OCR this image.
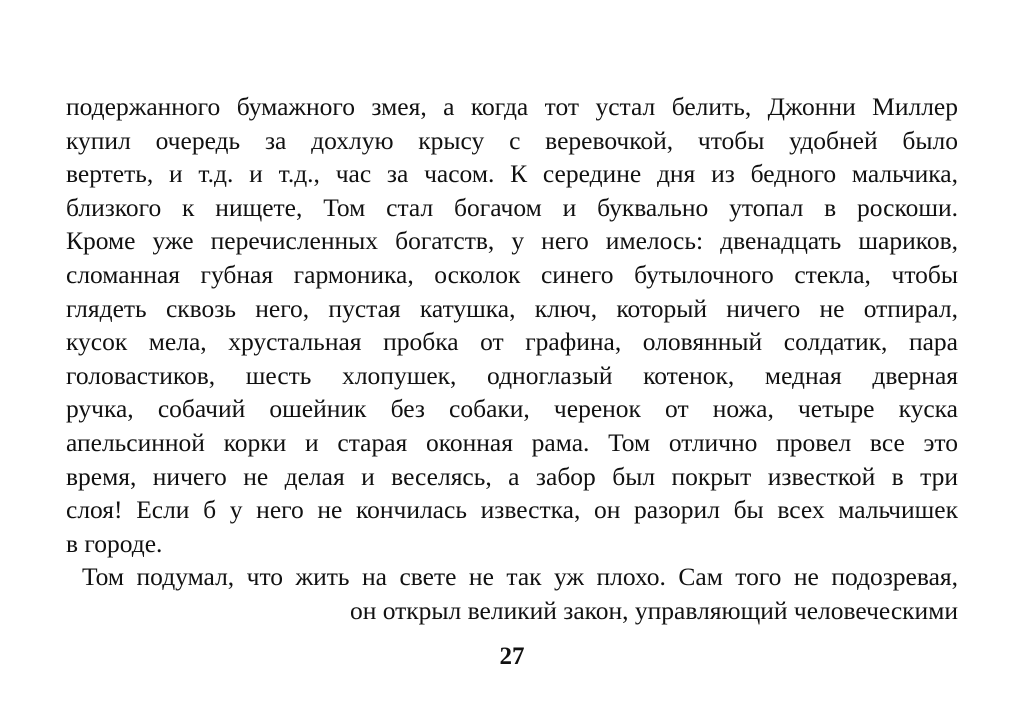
подержанного бумажного змея, а когда тот устал белить, Джонни Миллер
купил очередь за дохлую крысу с веревочкой, чтобы удобней было
вертеть, и т.д. и т.д., час за часом. К середине дня из бедного мальчика,
близкого к нищете, Том стал богачом и буквально утопал в роскоши.
Кроме уже перечисленных богатств, у него имелось: двенадцать шариков,
сломанная губная гармоника, осколок синего бутылочного стекла, чтобы
глядеть сквозь него, пустая катушка, ключ, который ничего не отпирал,
кусок мела, хрустальная пробка от графина, оловянный солдатик, пара
головастиков, шесть хлопушек, одноглазый котенок, медная дверная
ручка, собачий ошейник без собаки, черенок от ножа, четыре куска
апельсинной корки и старая оконная рама. Том отлично провел все это
время, ничего не делая и веселясь, а забор был покрыт известкой в три
слоя! Если б у него не кончилась известка, он разорил бы всех мальчишек
в городе.
Том подумал, что жить на свете не так уж плохо. Сам того не подозревая,
он открыл великий закон, управляющий человеческими
27
